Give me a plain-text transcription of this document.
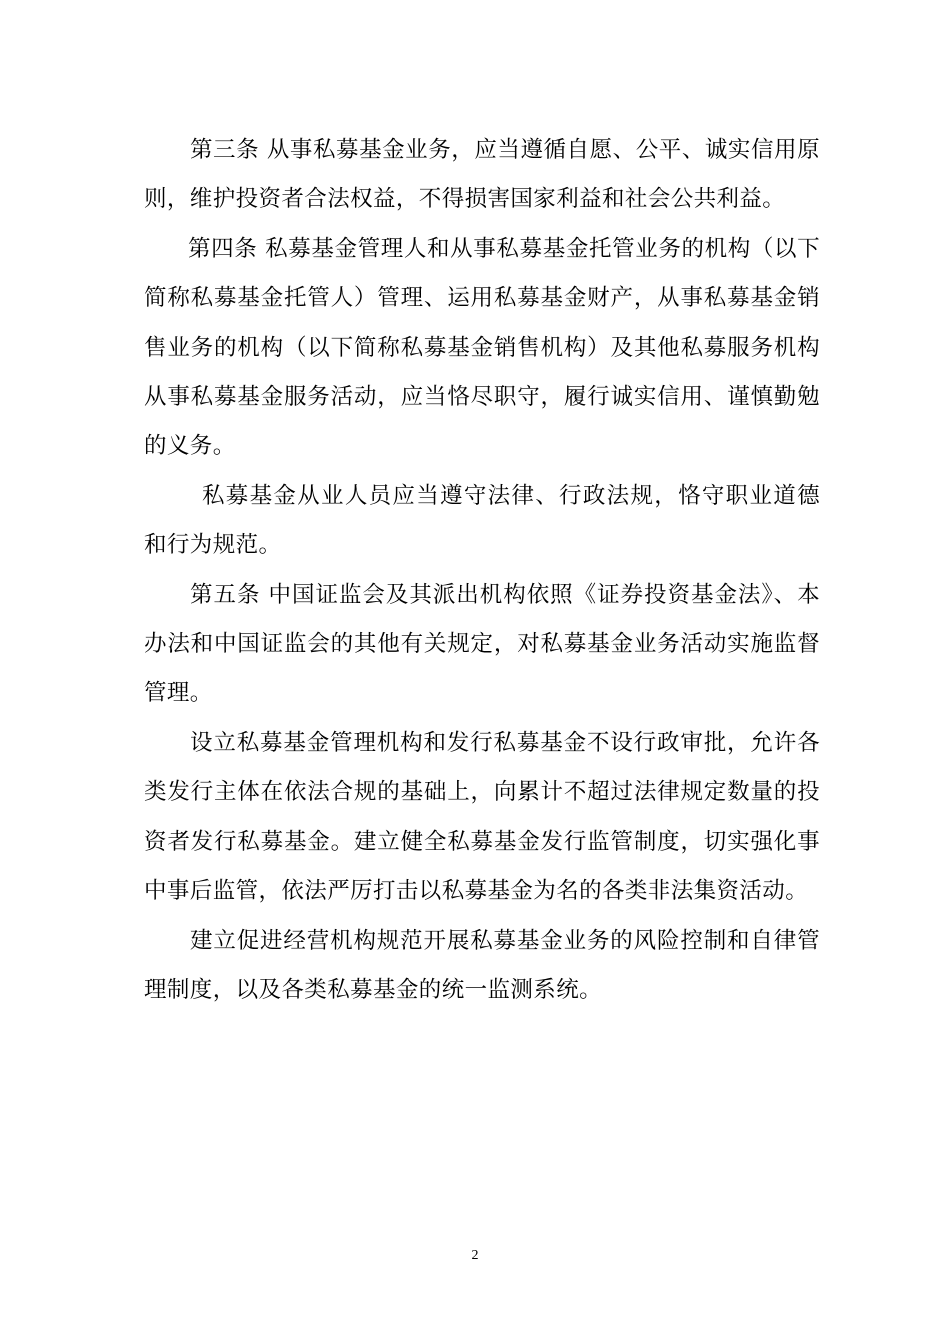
第三条 从事私募基金业务，应当遵循自愿、公平、诚实信用原则，维护投资者合法权益，不得损害国家利益和社会公共利益。

第四条 私募基金管理人和从事私募基金托管业务的机构（以下简称私募基金托管人）管理、运用私募基金财产，从事私募基金销售业务的机构（以下简称私募基金销售机构）及其他私募服务机构从事私募基金服务活动，应当恪尽职守，履行诚实信用、谨慎勤勉的义务。

私募基金从业人员应当遵守法律、行政法规，恪守职业道德和行为规范。

第五条 中国证监会及其派出机构依照《证券投资基金法》、本办法和中国证监会的其他有关规定，对私募基金业务活动实施监督管理。

设立私募基金管理机构和发行私募基金不设行政审批，允许各类发行主体在依法合规的基础上，向累计不超过法律规定数量的投资者发行私募基金。建立健全私募基金发行监管制度，切实强化事中事后监管，依法严厉打击以私募基金为名的各类非法集资活动。

建立促进经营机构规范开展私募基金业务的风险控制和自律管理制度，以及各类私募基金的统一监测系统。

2
